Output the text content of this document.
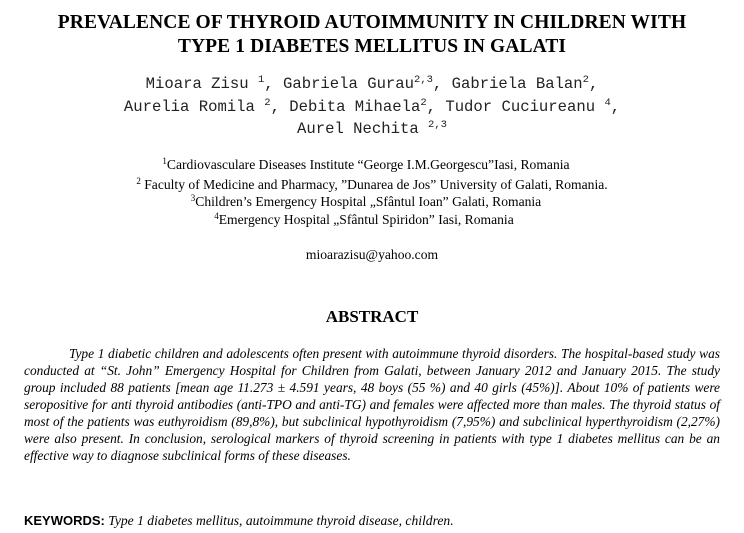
PREVALENCE OF THYROID AUTOIMMUNITY IN CHILDREN WITH
TYPE 1 DIABETES MELLITUS IN GALATI
Mioara Zisu $^1$, Gabriela Gurau$^{2,3}$, Gabriela Balan$^2$,
Aurelia Romila $^2$, Debita Mihaela$^2$, Tudor Cuciureanu $^4$,
Aurel Nechita $^{2,3}$
$^1$Cardiovasculare Diseases Institute “George I.M.Georgescu”Iasi, Romania
$^2$ Faculty of Medicine and Pharmacy, ”Dunarea de Jos” University of Galati, Romania.
$^3$Children’s Emergency Hospital „Sfântul Ioan” Galati, Romania
$^4$Emergency Hospital „Sfântul Spiridon” Iasi, Romania
mioarazisu@yahoo.com
ABSTRACT

Type 1 diabetic children and adolescents often present with autoimmune thyroid disorders. The hospital-based study was conducted at “St. John” Emergency Hospital for Children from Galati, between January 2012 and January 2015. The study group included 88 patients [mean age 11.273 ± 4.591 years, 48 boys (55 %) and 40 girls (45%)]. About 10% of patients were seropositive for anti thyroid antibodies (anti-TPO and anti-TG) and females were affected more than males. The thyroid status of most of the patients was euthyroidism (89,8%), but subclinical hypothyroidism (7,95%) and subclinical hyperthyroidism (2,27%) were also present. In conclusion, serological markers of thyroid screening in patients with type 1 diabetes mellitus can be an effective way to diagnose subclinical forms of these diseases.

KEYWORDS: Type 1 diabetes mellitus, autoimmune thyroid disease, children.
